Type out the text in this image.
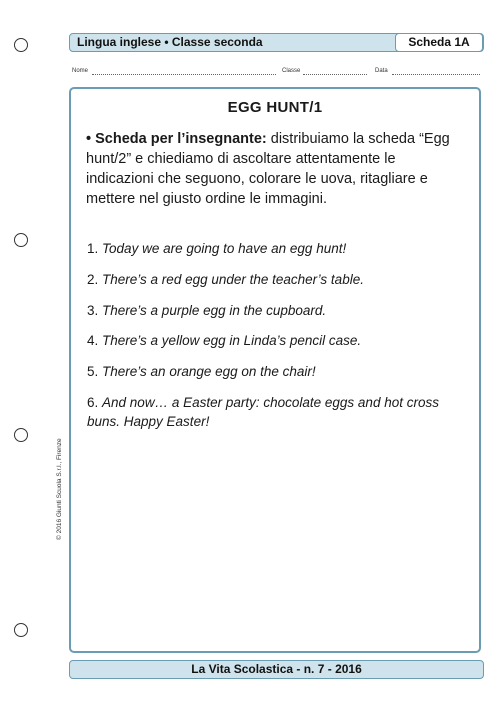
Lingua inglese • Classe seconda	Scheda 1A
Nome	Classe	Data
EGG HUNT/1
• Scheda per l’insegnante: distribuiamo la scheda “Egg hunt/2” e chiediamo di ascoltare attentamente le indicazioni che seguono, colorare le uova, ritagliare e mettere nel giusto ordine le immagini.
1. Today we are going to have an egg hunt!
2. There’s a red egg under the teacher’s table.
3. There’s a purple egg in the cupboard.
4. There’s a yellow egg in Linda’s pencil case.
5. There’s an orange egg on the chair!
6. And now… a Easter party: chocolate eggs and hot cross buns. Happy Easter!
© 2016 Giunti Scuola S.r.l., Firenze
La Vita Scolastica - n. 7 - 2016
